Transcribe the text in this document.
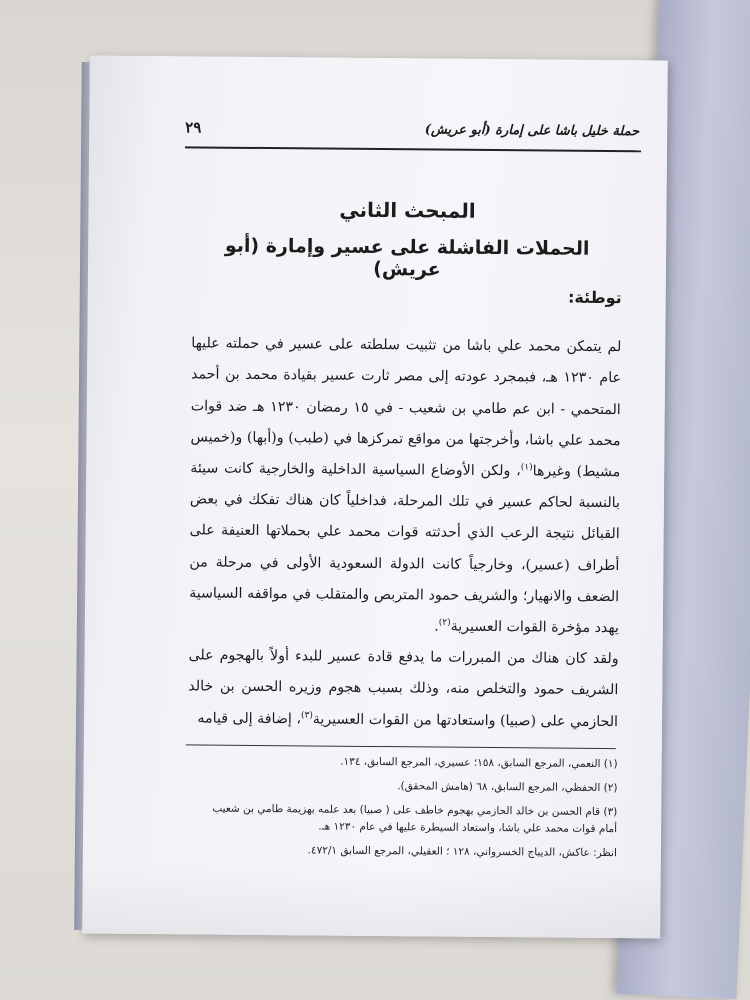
حملة خليل باشا على إمارة (أبو عريش)
٢٩
المبحث الثاني
الحملات الفاشلة على عسير وإمارة (أبو عريش)
توطئة:

لم يتمكن محمد علي باشا من تثبيت سلطته على عسير في حملته عليها عام ١٢٣٠ هـ، فبمجرد عودته إلى مصر ثارت عسير بقيادة محمد بن أحمد المتحمي - ابن عم طامي بن شعيب - في ١٥ رمضان ١٢٣٠ هـ ضد قوات محمد علي باشا، وأخرجتها من مواقع تمركزها في (طبب) و(أبها) و(خميس مشيط) وغيرها$^{(١)}$، ولكن الأوضاع السياسية الداخلية والخارجية كانت سيئة بالنسبة لحاكم عسير في تلك المرحلة، فداخلياً كان هناك تفكك في بعض القبائل نتيجة الرعب الذي أحدثته قوات محمد علي بحملاتها العنيفة على أطراف (عسير)، وخارجياً كانت الدولة السعودية الأولى في مرحلة من الضعف والانهيار؛ والشريف حمود المتربص والمتقلب في مواقفه السياسية يهدد مؤخرة القوات العسيرية$^{(٢)}$.

ولقد كان هناك من المبررات ما يدفع قادة عسير للبدء أولاً بالهجوم على الشريف حمود والتخلص منه، وذلك بسبب هجوم وزيره الحسن بن خالد الحازمي على (صبيا) واستعادتها من القوات العسيرية$^{(٣)}$، إضافة إلى قيامه

(١) النعمي، المرجع السابق، ١٥٨؛ عسيري، المرجع السابق، ١٣٤.

(٢) الحفظي، المرجع السابق، ٦٨ (هامش المحقق).

(٣) قام الحسن بن خالد الحازمي بهجوم خاطف على ( صبيا) بعد علمه بهزيمة طامي بن شعيب أمام قوات محمد علي باشا، واستعاد السيطرة عليها في عام ١٢٣٠ هـ.

انظر: عاكش، الديباج الخسرواني، ١٢٨ ؛ العقيلي، المرجع السابق ٤٧٢/١.
